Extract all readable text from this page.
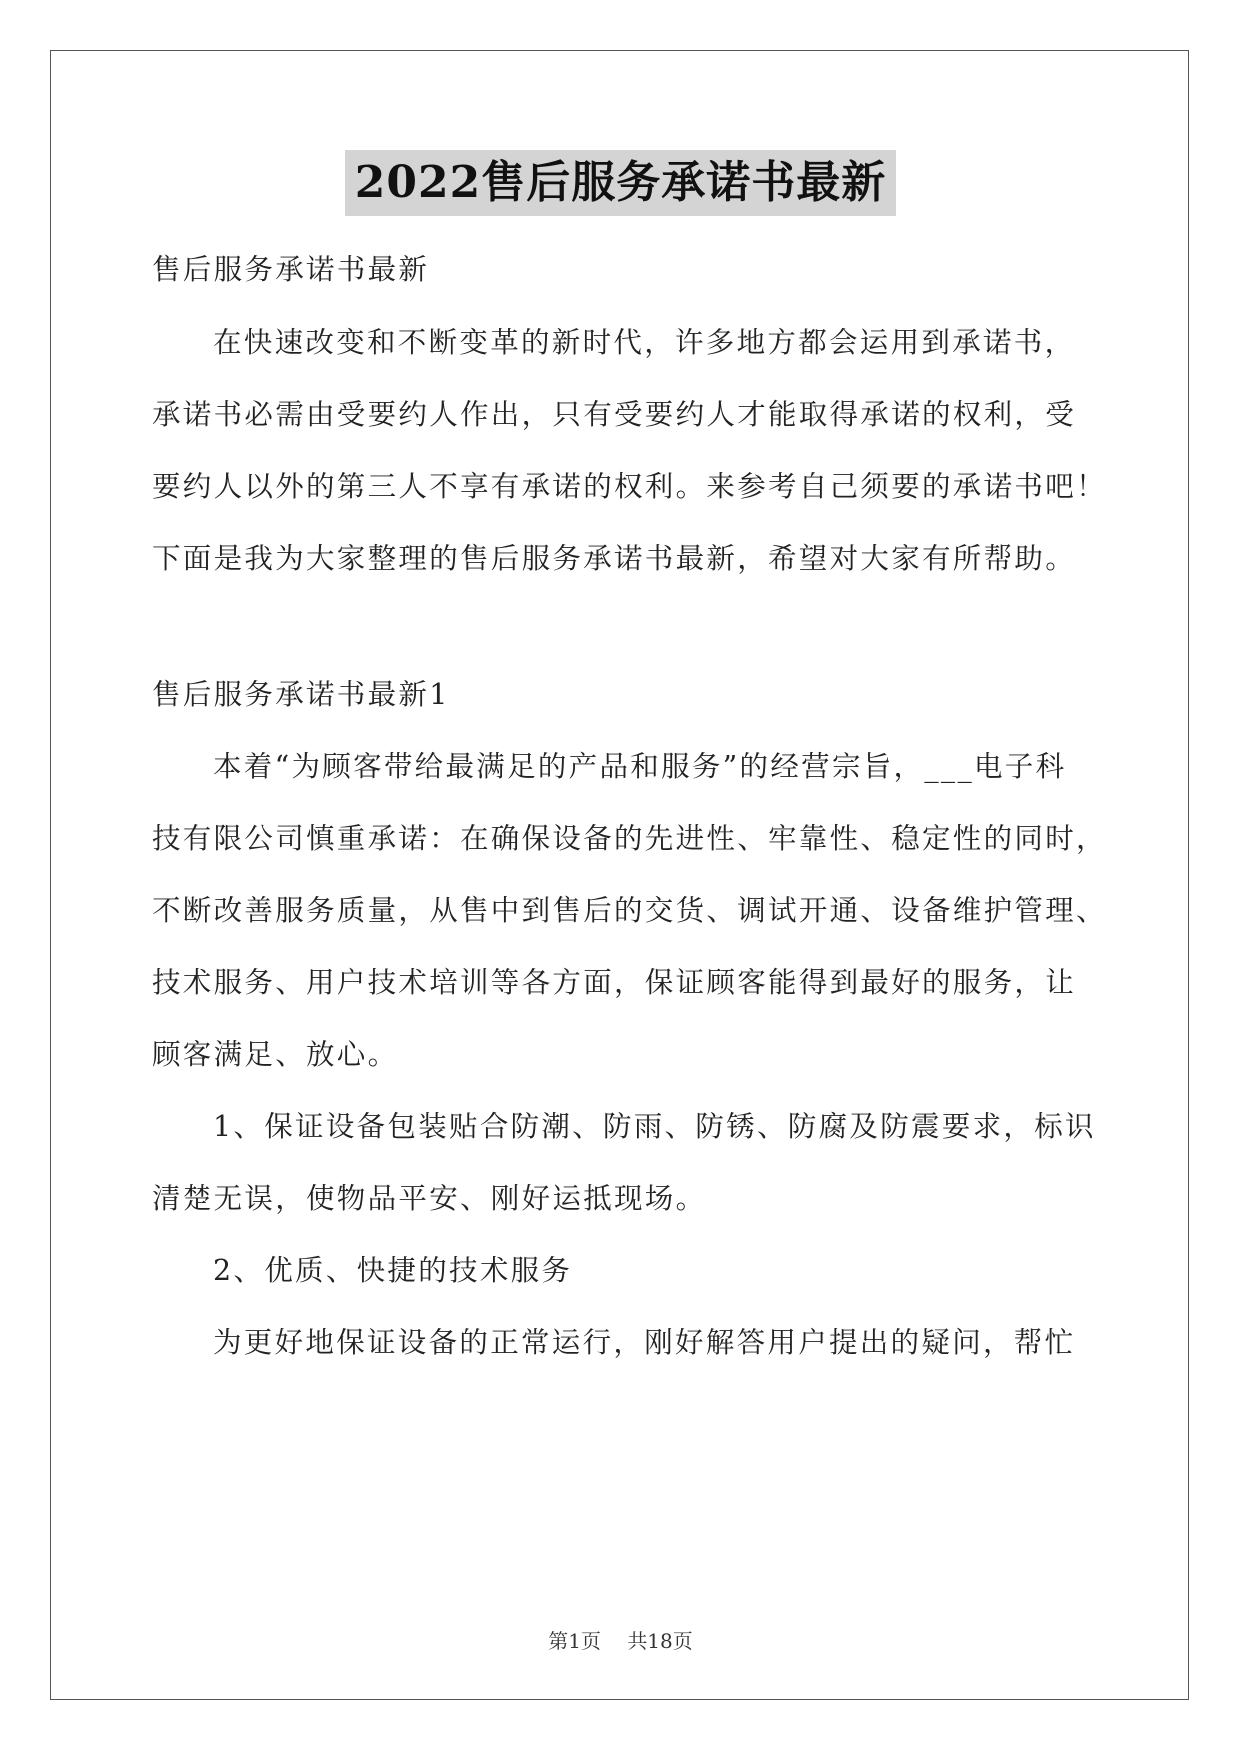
2022售后服务承诺书最新
售后服务承诺书最新
在快速改变和不断变革的新时代，许多地方都会运用到承诺书，
承诺书必需由受要约人作出，只有受要约人才能取得承诺的权利，受
要约人以外的第三人不享有承诺的权利。来参考自己须要的承诺书吧！
下面是我为大家整理的售后服务承诺书最新，希望对大家有所帮助。
售后服务承诺书最新1
本着“为顾客带给最满足的产品和服务”的经营宗旨，___电子科
技有限公司慎重承诺：在确保设备的先进性、牢靠性、稳定性的同时，
不断改善服务质量，从售中到售后的交货、调试开通、设备维护管理、
技术服务、用户技术培训等各方面，保证顾客能得到最好的服务，让
顾客满足、放心。
1、保证设备包装贴合防潮、防雨、防锈、防腐及防震要求，标识
清楚无误，使物品平安、刚好运抵现场。
2、优质、快捷的技术服务
为更好地保证设备的正常运行，刚好解答用户提出的疑问，帮忙
第1页 共18页
